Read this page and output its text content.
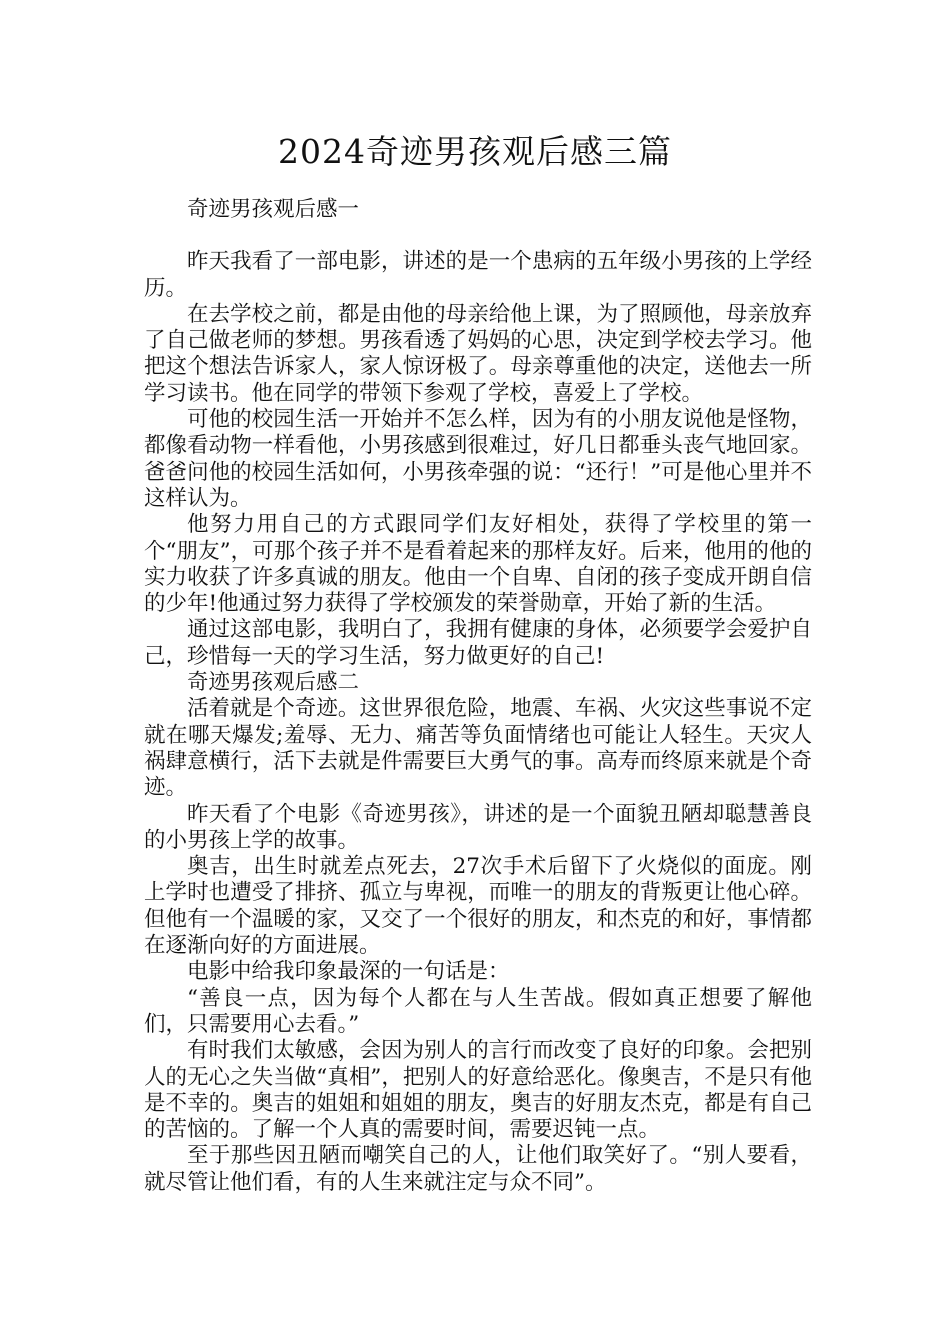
2024奇迹男孩观后感三篇

奇迹男孩观后感一

昨天我看了一部电影，讲述的是一个患病的五年级小男孩的上学经历。

在去学校之前，都是由他的母亲给他上课，为了照顾他，母亲放弃了自己做老师的梦想。男孩看透了妈妈的心思，决定到学校去学习。他把这个想法告诉家人，家人惊讶极了。母亲尊重他的决定，送他去一所学习读书。他在同学的带领下参观了学校，喜爱上了学校。

可他的校园生活一开始并不怎么样，因为有的小朋友说他是怪物，都像看动物一样看他，小男孩感到很难过，好几日都垂头丧气地回家。爸爸问他的校园生活如何，小男孩牵强的说：“还行！”可是他心里并不这样认为。

他努力用自己的方式跟同学们友好相处，获得了学校里的第一个“朋友”，可那个孩子并不是看着起来的那样友好。后来，他用的他的实力收获了许多真诚的朋友。他由一个自卑、自闭的孩子变成开朗自信的少年!他通过努力获得了学校颁发的荣誉勋章，开始了新的生活。

通过这部电影，我明白了，我拥有健康的身体，必须要学会爱护自己，珍惜每一天的学习生活，努力做更好的自己!

奇迹男孩观后感二

活着就是个奇迹。这世界很危险，地震、车祸、火灾这些事说不定就在哪天爆发;羞辱、无力、痛苦等负面情绪也可能让人轻生。天灾人祸肆意横行，活下去就是件需要巨大勇气的事。高寿而终原来就是个奇迹。

昨天看了个电影《奇迹男孩》，讲述的是一个面貌丑陋却聪慧善良的小男孩上学的故事。

奥吉，出生时就差点死去，27次手术后留下了火烧似的面庞。刚上学时也遭受了排挤、孤立与卑视，而唯一的朋友的背叛更让他心碎。但他有一个温暖的家，又交了一个很好的朋友，和杰克的和好，事情都在逐渐向好的方面进展。

电影中给我印象最深的一句话是：

“善良一点，因为每个人都在与人生苦战。假如真正想要了解他们，只需要用心去看。”

有时我们太敏感，会因为别人的言行而改变了良好的印象。会把别人的无心之失当做“真相”，把别人的好意给恶化。像奥吉，不是只有他是不幸的。奥吉的姐姐和姐姐的朋友，奥吉的好朋友杰克，都是有自己的苦恼的。了解一个人真的需要时间，需要迟钝一点。

至于那些因丑陋而嘲笑自己的人，让他们取笑好了。“别人要看，就尽管让他们看，有的人生来就注定与众不同”。
